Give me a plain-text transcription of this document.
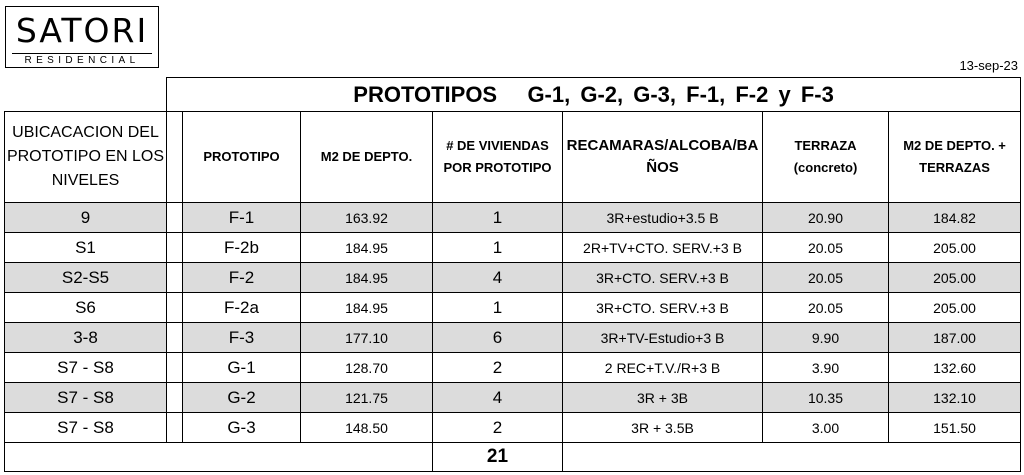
SATORI
RESIDENCIAL	13-sep-23
	PROTOTIPOS   G-1, G-2, G-3, F-1, F-2 y F-3						
UBICACACION DEL PROTOTIPO EN LOS NIVELES		PROTOTIPO	M2 DE DEPTO.	# DE VIVIENDAS POR PROTOTIPO	RECAMARAS/ALCOBA/BAÑOS	TERRAZA (concreto)	M2 DE DEPTO. + TERRAZAS
9		F-1	163.92	1	3R+estudio+3.5 B	20.90	184.82
S1		F-2b	184.95	1	2R+TV+CTO. SERV.+3 B	20.05	205.00
S2-S5		F-2	184.95	4	3R+CTO. SERV.+3 B	20.05	205.00
S6		F-2a	184.95	1	3R+CTO. SERV.+3 B	20.05	205.00
3-8		F-3	177.10	6	3R+TV-Estudio+3 B	9.90	187.00
S7 - S8		G-1	128.70	2	2 REC+T.V./R+3 B	3.90	132.60
S7 - S8		G-2	121.75	4	3R + 3B	10.35	132.10
S7 - S8		G-3	148.50	2	3R + 3.5B	3.00	151.50
				21			
